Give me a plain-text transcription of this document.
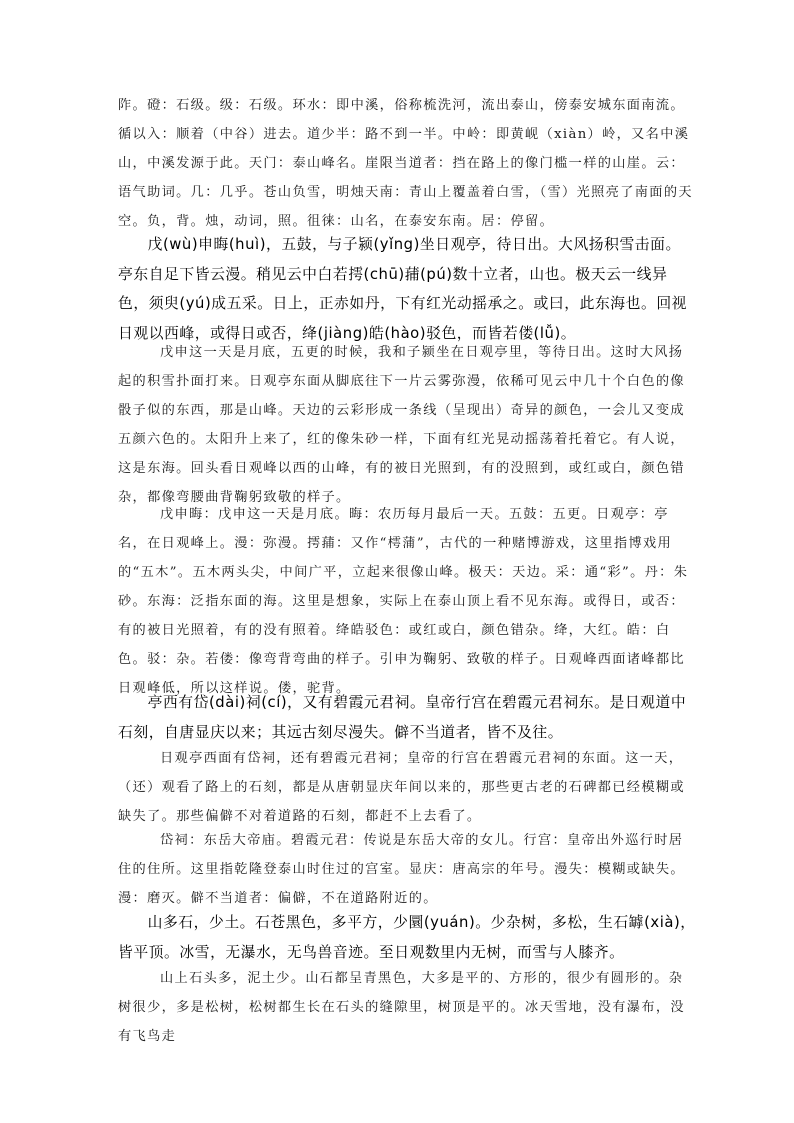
阼。磴：石级。级：石级。环水：即中溪，俗称梳洗河，流出泰山，傍泰安城东面南流。循以入：顺着（中谷）进去。道少半：路不到一半。中岭：即黄岘（xiàn）岭，又名中溪山，中溪发源于此。天门：泰山峰名。崖限当道者：挡在路上的像门槛一样的山崖。云：语气助词。几：几乎。苍山负雪，明烛天南：青山上覆盖着白雪，（雪）光照亮了南面的天空。负，背。烛，动词，照。徂徕：山名，在泰安东南。居：停留。

戊(wù)申晦(huì)，五鼓，与子颍(yǐng)坐日观亭，待日出。大风扬积雪击面。亭东自足下皆云漫。稍见云中白若摴(chū)蒱(pú)数十立者，山也。极天云一线异色，须臾(yú)成五采。日上，正赤如丹，下有红光动摇承之。或曰，此东海也。回视日观以西峰，或得日或否，绛(jiàng)皓(hào)驳色，而皆若偻(lǚ)。

戊申这一天是月底，五更的时候，我和子颍坐在日观亭里，等待日出。这时大风扬起的积雪扑面打来。日观亭东面从脚底往下一片云雾弥漫，依稀可见云中几十个白色的像骰子似的东西，那是山峰。天边的云彩形成一条线（呈现出）奇异的颜色，一会儿又变成五颜六色的。太阳升上来了，红的像朱砂一样，下面有红光晃动摇荡着托着它。有人说，这是东海。回头看日观峰以西的山峰，有的被日光照到，有的没照到，或红或白，颜色错杂，都像弯腰曲背鞠躬致敬的样子。

戊申晦：戊申这一天是月底。晦：农历每月最后一天。五鼓：五更。日观亭：亭名，在日观峰上。漫：弥漫。摴蒱：又作“樗蒲”，古代的一种赌博游戏，这里指博戏用的“五木”。五木两头尖，中间广平，立起来很像山峰。极天：天边。采：通“彩”。丹：朱砂。东海：泛指东面的海。这里是想象，实际上在泰山顶上看不见东海。或得日，或否：有的被日光照着，有的没有照着。绛皓驳色：或红或白，颜色错杂。绛，大红。皓：白色。驳：杂。若偻：像弯背弯曲的样子。引申为鞠躬、致敬的样子。日观峰西面诸峰都比日观峰低，所以这样说。偻，驼背。

亭西有岱(dài)祠(cí)，又有碧霞元君祠。皇帝行宫在碧霞元君祠东。是日观道中石刻，自唐显庆以来；其远古刻尽漫失。僻不当道者，皆不及往。

日观亭西面有岱祠，还有碧霞元君祠；皇帝的行宫在碧霞元君祠的东面。这一天，（还）观看了路上的石刻，都是从唐朝显庆年间以来的，那些更古老的石碑都已经模糊或缺失了。那些偏僻不对着道路的石刻，都赶不上去看了。

岱祠：东岳大帝庙。碧霞元君：传说是东岳大帝的女儿。行宫：皇帝出外巡行时居住的住所。这里指乾隆登泰山时住过的宫室。显庆：唐高宗的年号。漫失：模糊或缺失。漫：磨灭。僻不当道者：偏僻，不在道路附近的。

山多石，少土。石苍黑色，多平方，少圜(yuán)。少杂树，多松，生石罅(xià)，皆平顶。冰雪，无瀑水，无鸟兽音迹。至日观数里内无树，而雪与人膝齐。

山上石头多，泥土少。山石都呈青黑色，大多是平的、方形的，很少有圆形的。杂树很少，多是松树，松树都生长在石头的缝隙里，树顶是平的。冰天雪地，没有瀑布，没有飞鸟走
